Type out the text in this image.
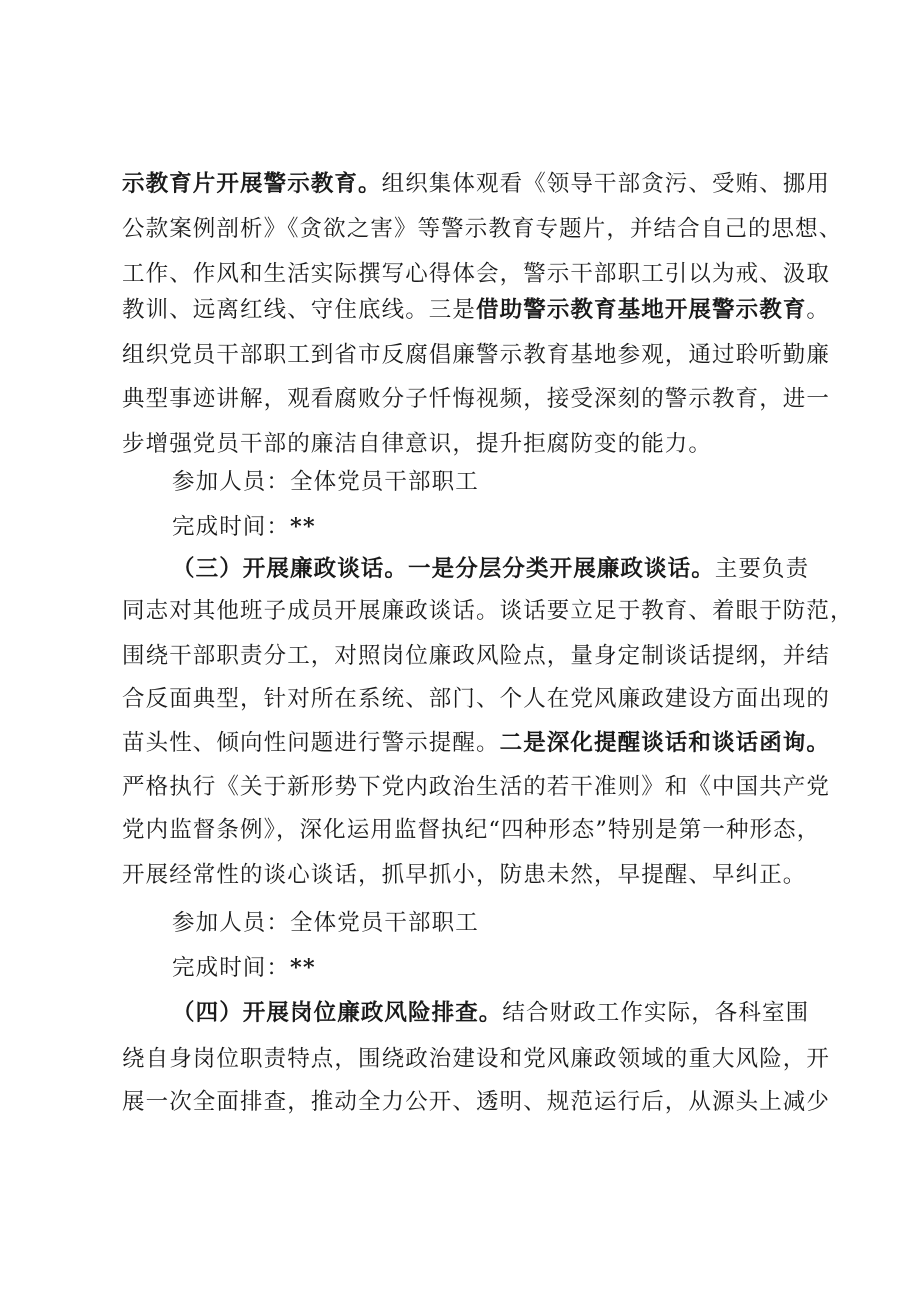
示教育片开展警示教育。组织集体观看《领导干部贪污、受贿、挪用
公款案例剖析》《贪欲之害》等警示教育专题片，并结合自己的思想、
工作、作风和生活实际撰写心得体会，警示干部职工引以为戒、汲取
教训、远离红线、守住底线。三是借助警示教育基地开展警示教育。
组织党员干部职工到省市反腐倡廉警示教育基地参观，通过聆听勤廉
典型事迹讲解，观看腐败分子忏悔视频，接受深刻的警示教育，进一
步增强党员干部的廉洁自律意识，提升拒腐防变的能力。
参加人员：全体党员干部职工
完成时间：**
（三）开展廉政谈话。一是分层分类开展廉政谈话。主要负责
同志对其他班子成员开展廉政谈话。谈话要立足于教育、着眼于防范，
围绕干部职责分工，对照岗位廉政风险点，量身定制谈话提纲，并结
合反面典型，针对所在系统、部门、个人在党风廉政建设方面出现的
苗头性、倾向性问题进行警示提醒。二是深化提醒谈话和谈话函询。
严格执行《关于新形势下党内政治生活的若干准则》和《中国共产党
党内监督条例》，深化运用监督执纪“四种形态”特别是第一种形态，
开展经常性的谈心谈话，抓早抓小，防患未然，早提醒、早纠正。
参加人员：全体党员干部职工
完成时间：**
（四）开展岗位廉政风险排查。结合财政工作实际，各科室围
绕自身岗位职责特点，围绕政治建设和党风廉政领域的重大风险，开
展一次全面排查，推动全力公开、透明、规范运行后，从源头上减少
